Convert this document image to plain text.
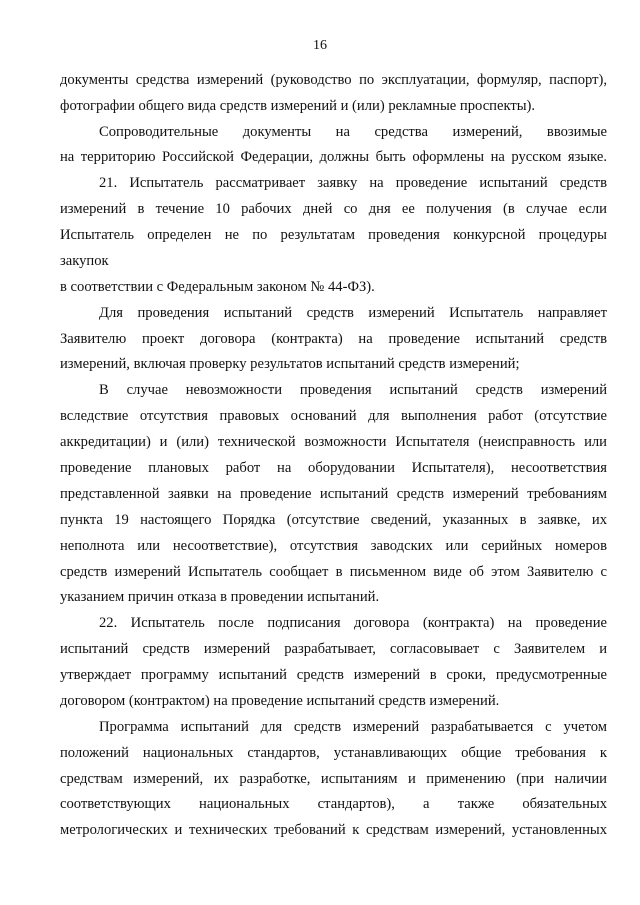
16
документы средства измерений (руководство по эксплуатации, формуляр, паспорт),
фотографии общего вида средств измерений и (или) рекламные проспекты).
Сопроводительные документы на средства измерений, ввозимые
на территорию Российской Федерации, должны быть оформлены на русском языке.
21. Испытатель рассматривает заявку на проведение испытаний средств
измерений в течение 10 рабочих дней со дня ее получения (в случае если
Испытатель определен не по результатам проведения конкурсной процедуры
закупок
в соответствии с Федеральным законом № 44-ФЗ).
Для проведения испытаний средств измерений Испытатель направляет
Заявителю проект договора (контракта) на проведение испытаний средств
измерений, включая проверку результатов испытаний средств измерений;
В случае невозможности проведения испытаний средств измерений
вследствие отсутствия правовых оснований для выполнения работ (отсутствие
аккредитации) и (или) технической возможности Испытателя (неисправность или
проведение плановых работ на оборудовании Испытателя), несоответствия
представленной заявки на проведение испытаний средств измерений требованиям
пункта 19 настоящего Порядка (отсутствие сведений, указанных в заявке, их
неполнота или несоответствие), отсутствия заводских или серийных номеров
средств измерений Испытатель сообщает в письменном виде об этом Заявителю с
указанием причин отказа в проведении испытаний.
22. Испытатель после подписания договора (контракта) на проведение
испытаний средств измерений разрабатывает, согласовывает с Заявителем и
утверждает программу испытаний средств измерений в сроки, предусмотренные
договором (контрактом) на проведение испытаний средств измерений.
Программа испытаний для средств измерений разрабатывается с учетом
положений национальных стандартов, устанавливающих общие требования к
средствам измерений, их разработке, испытаниям и применению (при наличии
соответствующих национальных стандартов), а также обязательных
метрологических и технических требований к средствам измерений, установленных
